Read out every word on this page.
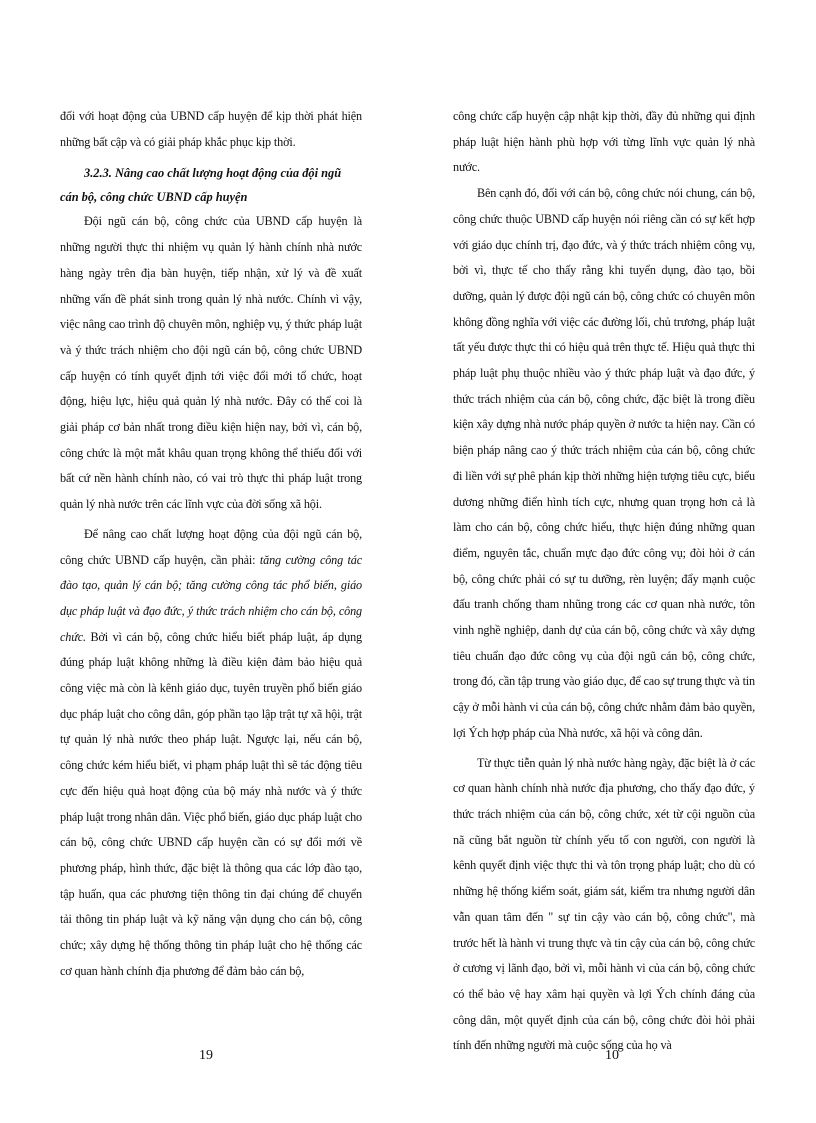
đối với hoạt động của UBND cấp huyện để kịp thời phát hiện những bất cập và có giải pháp khắc phục kịp thời.

3.2.3. Nâng cao chất lượng hoạt động của đội ngũ cán bộ, công chức UBND cấp huyện

Đội ngũ cán bộ, công chức của UBND cấp huyện là những người thực thi nhiệm vụ quản lý hành chính nhà nước hàng ngày trên địa bàn huyện, tiếp nhận, xử lý và đề xuất những vấn đề phát sinh trong quản lý nhà nước. Chính vì vậy, việc nâng cao trình độ chuyên môn, nghiệp vụ, ý thức pháp luật và ý thức trách nhiệm cho đội ngũ cán bộ, công chức UBND cấp huyện có tính quyết định tới việc đổi mới tổ chức, hoạt động, hiệu lực, hiệu quả quản lý nhà nước. Đây có thể coi là giải pháp cơ bản nhất trong điều kiện hiện nay, bởi vì, cán bộ, công chức là một mắt khâu quan trọng không thể thiếu đối với bất cứ nền hành chính nào, có vai trò thực thi pháp luật trong quản lý nhà nước trên các lĩnh vực của đời sống xã hội.

Để nâng cao chất lượng hoạt động của đội ngũ cán bộ, công chức UBND cấp huyện, cần phải: tăng cường công tác đào tạo, quản lý cán bộ; tăng cường công tác phổ biến, giáo dục pháp luật và đạo đức, ý thức trách nhiệm cho cán bộ, công chức. Bởi vì cán bộ, công chức hiểu biết pháp luật, áp dụng đúng pháp luật không những là điều kiện đảm bảo hiệu quả công việc mà còn là kênh giáo dục, tuyên truyền phổ biến giáo dục pháp luật cho công dân, góp phần tạo lập trật tự xã hội, trật tự quản lý nhà nước theo pháp luật. Ngược lại, nếu cán bộ, công chức kém hiểu biết, vi phạm pháp luật thì sẽ tác động tiêu cực đến hiệu quả hoạt động của bộ máy nhà nước và ý thức pháp luật trong nhân dân. Việc phổ biến, giáo dục pháp luật cho cán bộ, công chức UBND cấp huyện cần có sự đổi mới về phương pháp, hình thức, đặc biệt là thông qua các lớp đào tạo, tập huấn, qua các phương tiện thông tin đại chúng để chuyển tải thông tin pháp luật và kỹ năng vận dụng cho cán bộ, công chức; xây dựng hệ thống thông tin pháp luật cho hệ thống các cơ quan hành chính địa phương để đảm bảo cán bộ,

công chức cấp huyện cập nhật kịp thời, đầy đủ những qui định pháp luật hiện hành phù hợp với từng lĩnh vực quản lý nhà nước.

Bên cạnh đó, đối với cán bộ, công chức nói chung, cán bộ, công chức thuộc UBND cấp huyện nói riêng cần có sự kết hợp với giáo dục chính trị, đạo đức, và ý thức trách nhiệm công vụ, bởi vì, thực tế cho thấy rằng khi tuyển dụng, đào tạo, bồi dưỡng, quản lý được đội ngũ cán bộ, công chức có chuyên môn không đồng nghĩa với việc các đường lối, chủ trương, pháp luật tất yếu được thực thi có hiệu quả trên thực tế. Hiệu quả thực thi pháp luật phụ thuộc nhiều vào ý thức pháp luật và đạo đức, ý thức trách nhiệm của cán bộ, công chức, đặc biệt là trong điều kiện xây dựng nhà nước pháp quyền ở nước ta hiện nay. Cần có biện pháp nâng cao ý thức trách nhiệm của cán bộ, công chức đi liền với sự phê phán kịp thời những hiện tượng tiêu cực, biểu dương những điển hình tích cực, nhưng quan trọng hơn cả là làm cho cán bộ, công chức hiểu, thực hiện đúng những quan điểm, nguyên tắc, chuẩn mực đạo đức công vụ; đòi hỏi ở cán bộ, công chức phải có sự tu dưỡng, rèn luyện; đẩy mạnh cuộc đấu tranh chống tham nhũng trong các cơ quan nhà nước, tôn vinh nghề nghiệp, danh dự của cán bộ, công chức và xây dựng tiêu chuẩn đạo đức công vụ của đội ngũ cán bộ, công chức, trong đó, cần tập trung vào giáo dục, để cao sự trung thực và tin cậy ở mỗi hành vi của cán bộ, công chức nhằm đảm bảo quyền, lợi Ých hợp pháp của Nhà nước, xã hội và công dân.

Từ thực tiễn quản lý nhà nước hàng ngày, đặc biệt là ở các cơ quan hành chính nhà nước địa phương, cho thấy đạo đức, ý thức trách nhiệm của cán bộ, công chức, xét từ cội nguồn của nã cũng bắt nguồn từ chính yếu tố con người, con người là kênh quyết định việc thực thi và tôn trọng pháp luật; cho dù có những hệ thống kiểm soát, giám sát, kiểm tra nhưng người dân vẫn quan tâm đến " sự tin cậy vào cán bộ, công chức", mà trước hết là hành vi trung thực và tin cậy của cán bộ, công chức ở cương vị lãnh đạo, bởi vì, mỗi hành vi của cán bộ, công chức có thể bảo vệ hay xâm hại quyền và lợi Ých chính đáng của công dân, một quyết định của cán bộ, công chức đòi hỏi phải tính đến những người mà cuộc sống của họ và

19	10
